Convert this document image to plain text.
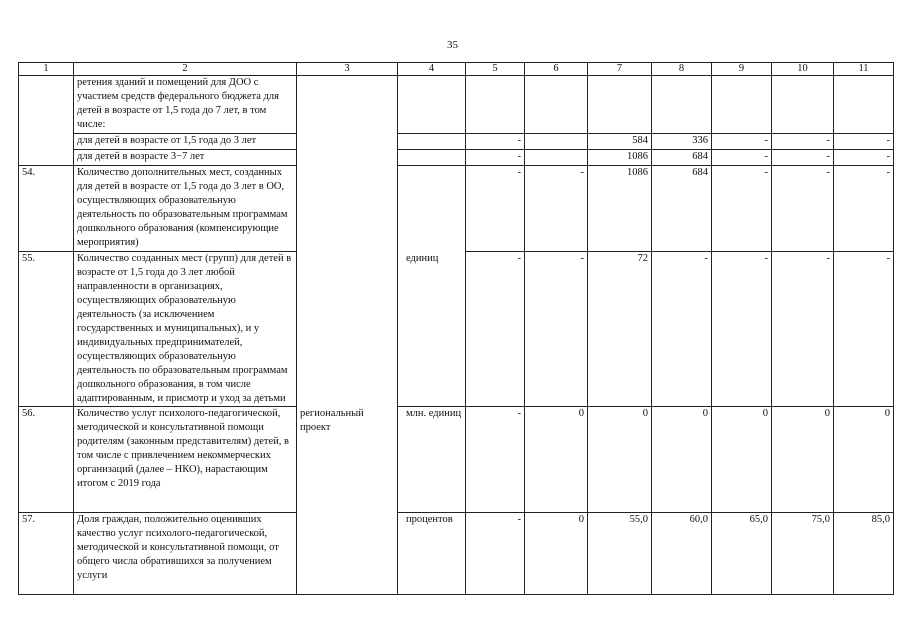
35
1	2	3	4	5	6	7	8	9	10	11
	ретения зданий и помещений для ДОО с участием средств федерального бюджета для детей в возрасте от 1,5 года до 7 лет, в том числе:									
	для детей в возрасте от 1,5 года до 3 лет			-		584	336	-	-	-
	для детей в возрасте 3−7 лет			-		1086	684	-	-	-
54.	Количество дополнительных мест, созданных для детей в возрасте от 1,5 года до 3 лет в ОО, осуществляющих образовательную деятельность по образовательным программам дошкольного образования (компенсирующие мероприятия)			-	-	1086	684	-	-	-
55.	Количество созданных мест (групп) для детей в возрасте от 1,5 года до 3 лет любой направленности в организациях, осуществляющих образовательную деятельность (за исключением государственных и муниципальных), и у индивидуальных предпринимателей, осуществляющих образовательную деятельность по образовательным программам дошкольного образования, в том числе адаптированным, и присмотр и уход за детьми		единиц	-	-	72	-	-	-	-
56.	Количество услуг психолого-педагогической, методической и консультативной помощи родителям (законным представителям) детей, в том числе с привлечением некоммерческих организаций (далее – НКО), нарастающим итогом с 2019 года	региональный проект	млн. единиц	-	0	0	0	0	0	0
57.	Доля граждан, положительно оценивших качество услуг психолого-педагогической, методической и консультативной помощи, от общего числа обратившихся за получением услуги		процентов	-	0	55,0	60,0	65,0	75,0	85,0
